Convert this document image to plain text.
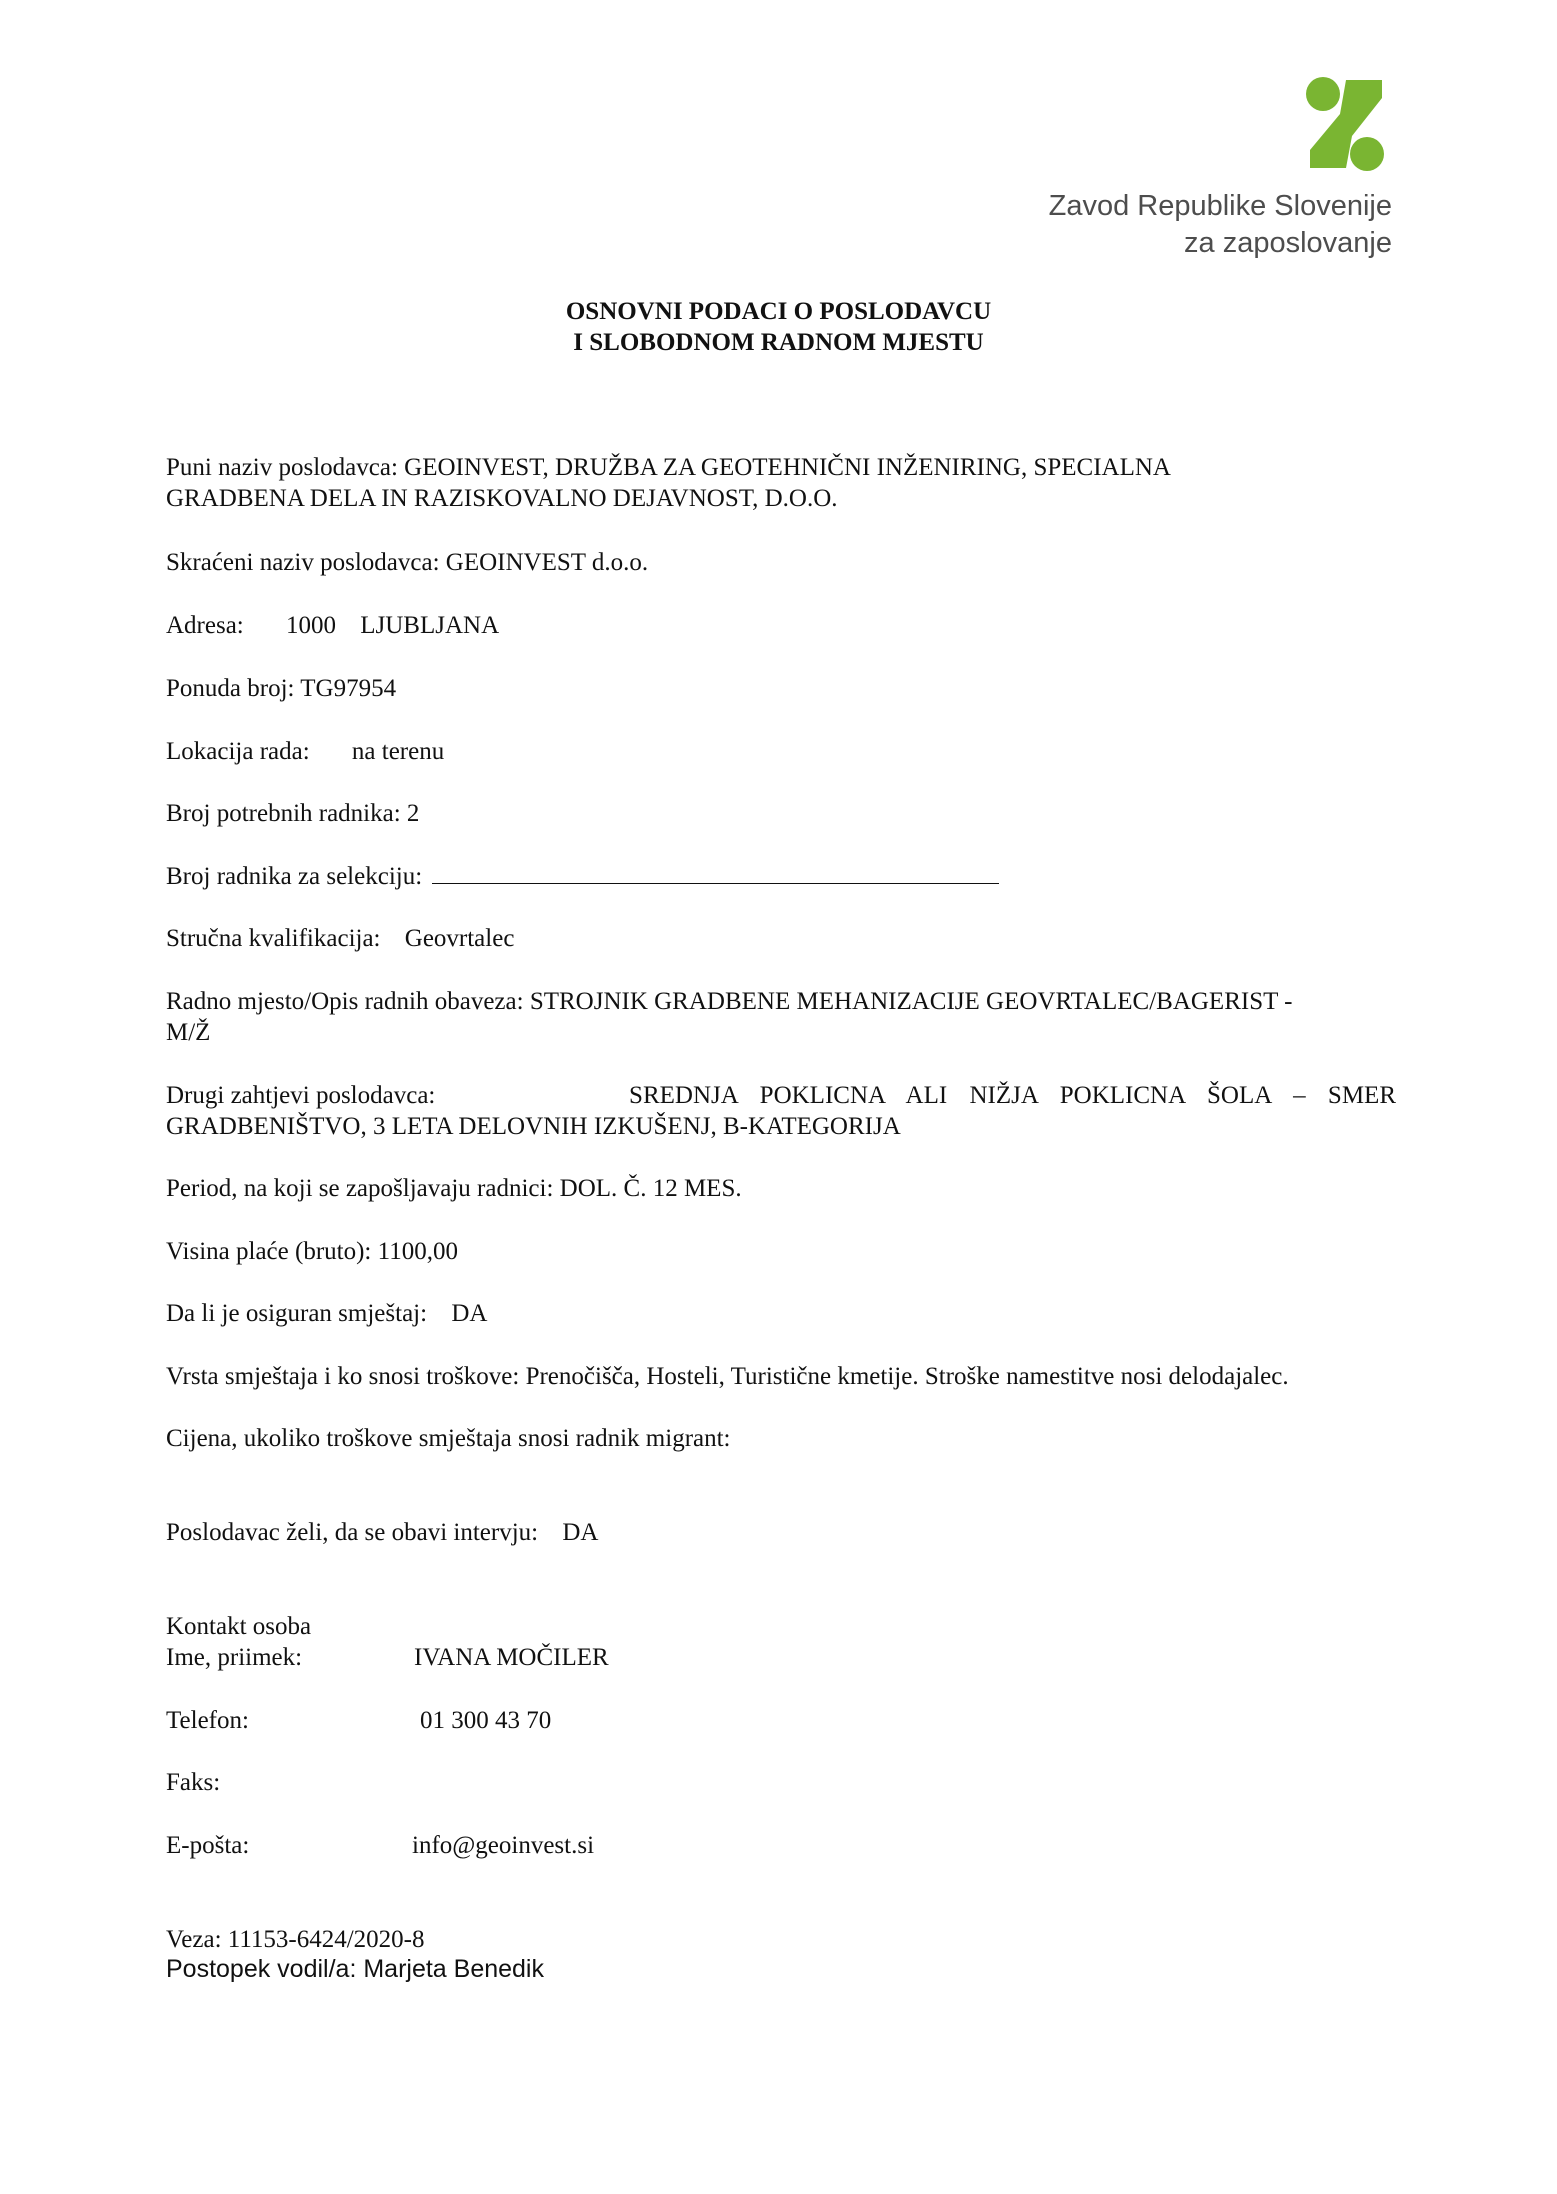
Zavod Republike Slovenije
za zaposlovanje
OSNOVNI PODACI O POSLODAVCU
I SLOBODNOM RADNOM MJESTU
Puni naziv poslodavca: GEOINVEST, DRUŽBA ZA GEOTEHNIČNI INŽENIRING, SPECIALNA
GRADBENA DELA IN RAZISKOVALNO DEJAVNOST, D.O.O.
Skraćeni naziv poslodavca: GEOINVEST d.o.o.
Adresa: 1000 LJUBLJANA
Ponuda broj: TG97954
Lokacija rada: na terenu
Broj potrebnih radnika: 2
Broj radnika za selekciju:
Stručna kvalifikacija: Geovrtalec
Radno mjesto/Opis radnih obaveza: STROJNIK GRADBENE MEHANIZACIJE GEOVRTALEC/BAGERIST -
M/Ž
Drugi zahtjevi poslodavca:	SREDNJA POKLICNA ALI NIŽJA POKLICNA ŠOLA – SMER
GRADBENIŠTVO, 3 LETA DELOVNIH IZKUŠENJ, B-KATEGORIJA
Period, na koji se zapošljavaju radnici: DOL. Č. 12 MES.
Visina plaće (bruto): 1100,00
Da li je osiguran smještaj: DA
Vrsta smještaja i ko snosi troškove: Prenočišča, Hosteli, Turistične kmetije. Stroške namestitve nosi delodajalec.
Cijena, ukoliko troškove smještaja snosi radnik migrant:
Poslodavac želi, da se obavi intervju: DA
Kontakt osoba
Ime, priimek:	IVANA MOČILER
Telefon:	01 300 43 70
Faks:
E-pošta:	info@geoinvest.si
Veza: 11153-6424/2020-8
Postopek vodil/a: Marjeta Benedik
